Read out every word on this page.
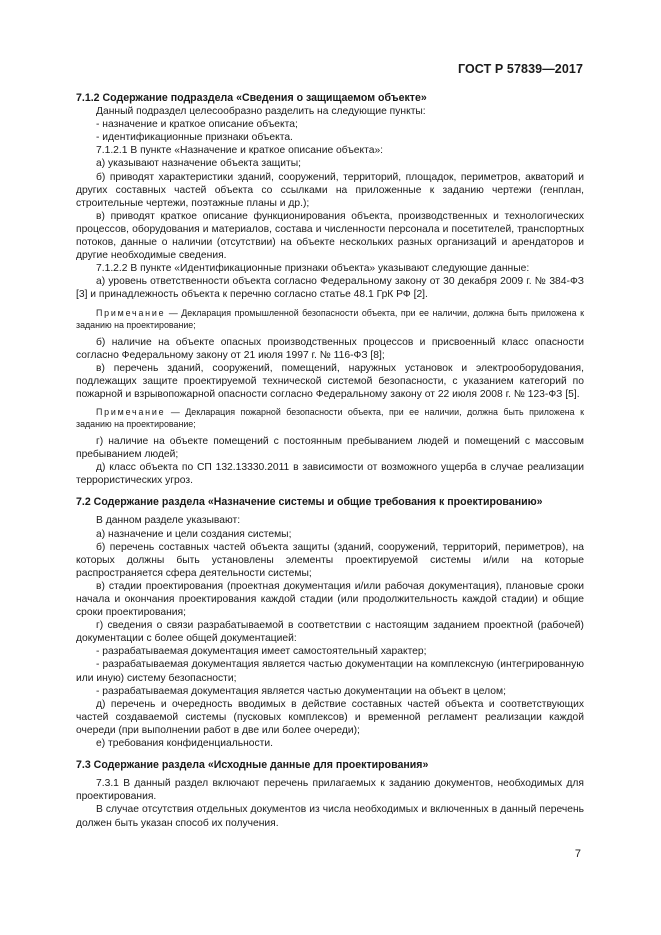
ГОСТ Р 57839—2017

7.1.2 Содержание подраздела «Сведения о защищаемом объекте»

Данный подраздел целесообразно разделить на следующие пункты:

- назначение и краткое описание объекта;

- идентификационные признаки объекта.

7.1.2.1 В пункте «Назначение и краткое описание объекта»:

а) указывают назначение объекта защиты;

б) приводят характеристики зданий, сооружений, территорий, площадок, периметров, акваторий и других составных частей объекта со ссылками на приложенные к заданию чертежи (генплан, строительные чертежи, поэтажные планы и др.);

в) приводят краткое описание функционирования объекта, производственных и технологических процессов, оборудования и материалов, состава и численности персонала и посетителей, транспортных потоков, данные о наличии (отсутствии) на объекте нескольких разных организаций и арендаторов и другие необходимые сведения.

7.1.2.2 В пункте «Идентификационные признаки объекта» указывают следующие данные:

а) уровень ответственности объекта согласно Федеральному закону от 30 декабря 2009 г. № 384-ФЗ [3] и принадлежность объекта к перечню согласно статье 48.1 ГрК РФ [2].

Примечание — Декларация промышленной безопасности объекта, при ее наличии, должна быть приложена к заданию на проектирование;

б) наличие на объекте опасных производственных процессов и присвоенный класс опасности согласно Федеральному закону от 21 июля 1997 г. № 116-ФЗ [8];

в) перечень зданий, сооружений, помещений, наружных установок и электрооборудования, подлежащих защите проектируемой технической системой безопасности, с указанием категорий по пожарной и взрывопожарной опасности согласно Федеральному закону от 22 июля 2008 г. № 123-ФЗ [5].

Примечание — Декларация пожарной безопасности объекта, при ее наличии, должна быть приложена к заданию на проектирование;

г) наличие на объекте помещений с постоянным пребыванием людей и помещений с массовым пребыванием людей;

д) класс объекта по СП 132.13330.2011 в зависимости от возможного ущерба в случае реализации террористических угроз.

7.2 Содержание раздела «Назначение системы и общие требования к проектированию»

В данном разделе указывают:

а) назначение и цели создания системы;

б) перечень составных частей объекта защиты (зданий, сооружений, территорий, периметров), на которых должны быть установлены элементы проектируемой системы и/или на которые распространяется сфера деятельности системы;

в) стадии проектирования (проектная документация и/или рабочая документация), плановые сроки начала и окончания проектирования каждой стадии (или продолжительность каждой стадии) и общие сроки проектирования;

г) сведения о связи разрабатываемой в соответствии с настоящим заданием проектной (рабочей) документации с более общей документацией:

- разрабатываемая документация имеет самостоятельный характер;

- разрабатываемая документация является частью документации на комплексную (интегрированную или иную) систему безопасности;

- разрабатываемая документация является частью документации на объект в целом;

д) перечень и очередность вводимых в действие составных частей объекта и соответствующих частей создаваемой системы (пусковых комплексов) и временной регламент реализации каждой очереди (при выполнении работ в две или более очереди);

е) требования конфиденциальности.

7.3 Содержание раздела «Исходные данные для проектирования»

7.3.1 В данный раздел включают перечень прилагаемых к заданию документов, необходимых для проектирования.

В случае отсутствия отдельных документов из числа необходимых и включенных в данный перечень должен быть указан способ их получения.

7
